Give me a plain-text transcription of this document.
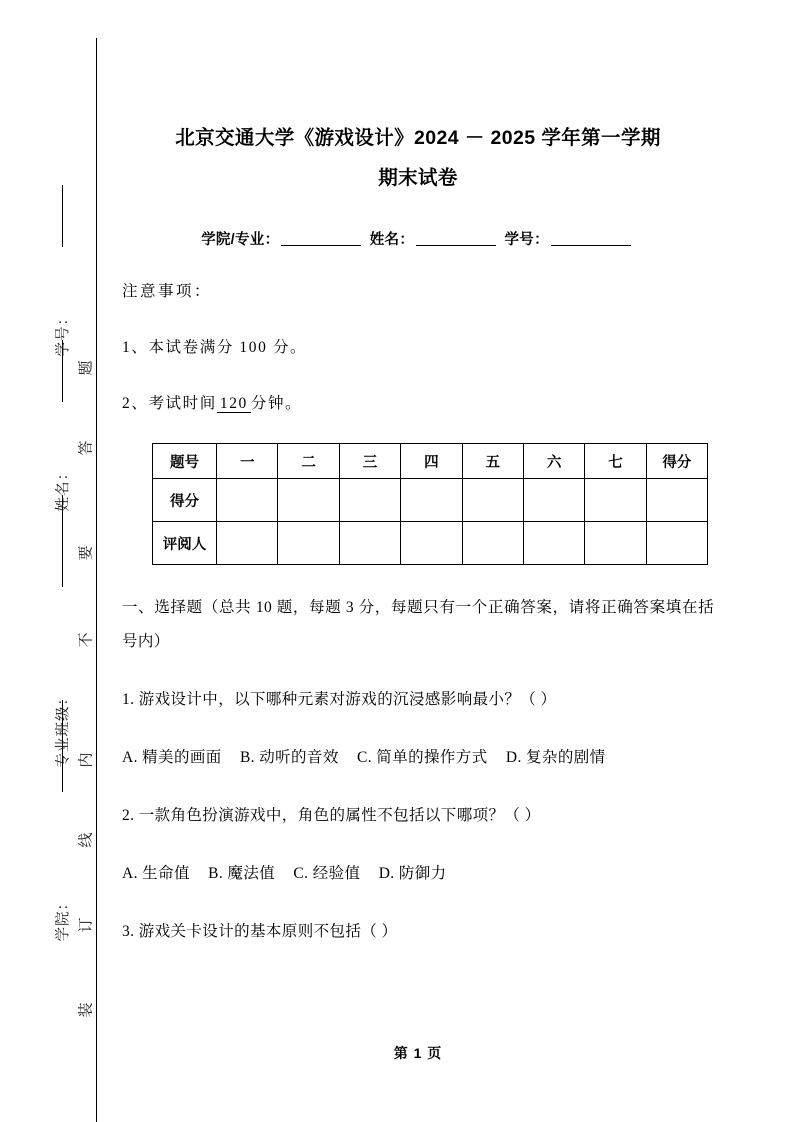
学号：
姓名：
专业班级：
学院：
题
答
要
不
内
线
订
装
北京交通大学《游戏设计》2024 － 2025 学年第一学期
期末试卷
学院/专业：	姓名：	学号：
注意事项：
1、本试卷满分 100 分。
2、考试时间 120 分钟。
题号	一	二	三	四	五	六	七	得分
得分								
评阅人								
一、选择题（总共 10 题，每题 3 分，每题只有一个正确答案，请将正确答案填在括号内）
1. 游戏设计中，以下哪种元素对游戏的沉浸感影响最小？（ ）
A. 精美的画面 B. 动听的音效 C. 简单的操作方式 D. 复杂的剧情
2. 一款角色扮演游戏中，角色的属性不包括以下哪项？（ ）
A. 生命值 B. 魔法值 C. 经验值 D. 防御力
3. 游戏关卡设计的基本原则不包括（ ）
第 1 页
